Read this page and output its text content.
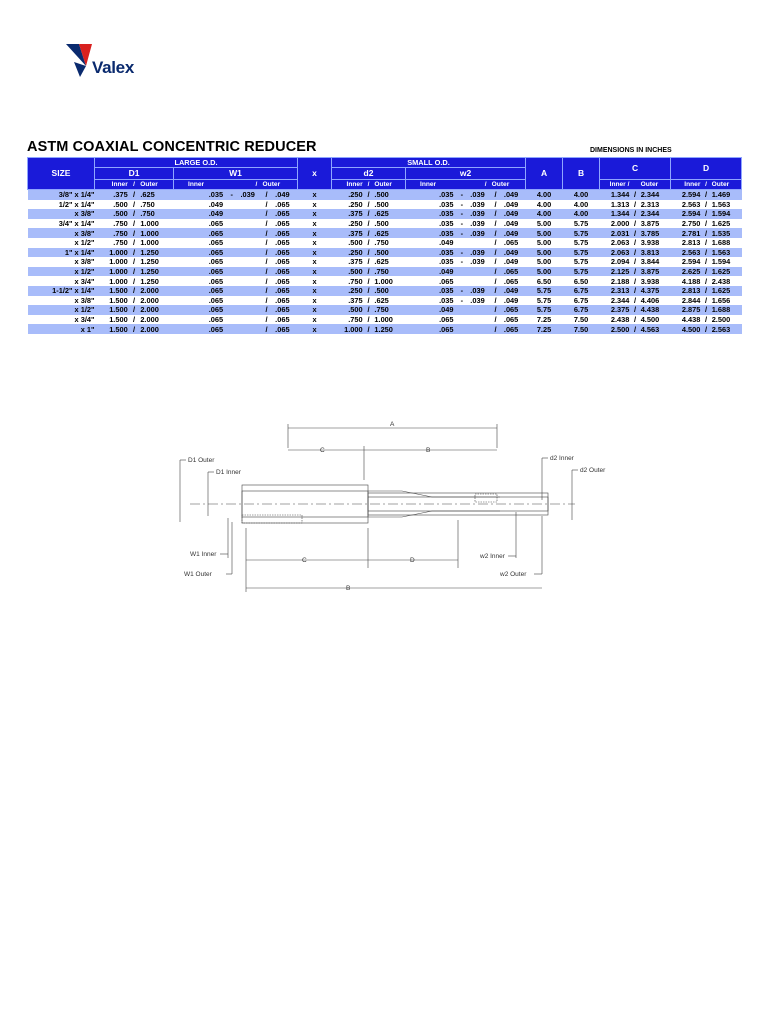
Valex
ASTM COAXIAL CONCENTRIC REDUCER	DIMENSIONS IN INCHES
SIZE	LARGE O.D.		x	SMALL O.D.		A	B	C	D
	D1	W1		d2	w2				

	Inner / Outer	Inner / Outer		Inner / Outer	Inner / Outer			Inner / Outer	Inner / Outer

3/8" x 1/4"	.375 / .625	.035 - .039 / .049	x	.250 / .500	.035 - .039 / .049	4.00	4.00	1.344 / 2.344	2.594 / 1.469

1/2" x 1/4"	.500 / .750	.049 / .065	x	.250 / .500	.035 - .039 / .049	4.00	4.00	1.313 / 2.313	2.563 / 1.563

x 3/8"	.500 / .750	.049 / .065	x	.375 / .625	.035 - .039 / .049	4.00	4.00	1.344 / 2.344	2.594 / 1.594

3/4" x 1/4"	.750 / 1.000	.065 / .065	x	.250 / .500	.035 - .039 / .049	5.00	5.75	2.000 / 3.875	2.750 / 1.625

x 3/8"	.750 / 1.000	.065 / .065	x	.375 / .625	.035 - .039 / .049	5.00	5.75	2.031 / 3.785	2.781 / 1.535

x 1/2"	.750 / 1.000	.065 / .065	x	.500 / .750	.049 / .065	5.00	5.75	2.063 / 3.938	2.813 / 1.688

1" x 1/4"	1.000 / 1.250	.065 / .065	x	.250 / .500	.035 - .039 / .049	5.00	5.75	2.063 / 3.813	2.563 / 1.563

x 3/8"	1.000 / 1.250	.065 / .065	x	.375 / .625	.035 - .039 / .049	5.00	5.75	2.094 / 3.844	2.594 / 1.594

x 1/2"	1.000 / 1.250	.065 / .065	x	.500 / .750	.049 / .065	5.00	5.75	2.125 / 3.875	2.625 / 1.625

x 3/4"	1.000 / 1.250	.065 / .065	x	.750 / 1.000	.065 / .065	6.50	6.50	2.188 / 3.938	4.188 / 2.438

1-1/2" x 1/4"	1.500 / 2.000	.065 / .065	x	.250 / .500	.035 - .039 / .049	5.75	6.75	2.313 / 4.375	2.813 / 1.625

x 3/8"	1.500 / 2.000	.065 / .065	x	.375 / .625	.035 - .039 / .049	5.75	6.75	2.344 / 4.406	2.844 / 1.656

x 1/2"	1.500 / 2.000	.065 / .065	x	.500 / .750	.049 / .065	5.75	6.75	2.375 / 4.438	2.875 / 1.688

x 3/4"	1.500 / 2.000	.065 / .065	x	.750 / 1.000	.065 / .065	7.25	7.50	2.438 / 4.500	4.438 / 2.500

x 1"	1.500 / 2.000	.065 / .065	x	1.000 / 1.250	.065 / .065	7.25	7.50	2.500 / 4.563	4.500 / 2.563
A
C	B
D1 Outer
D1 Inner
d2 Inner
d2 Outer
W1 Inner
W1 Outer
w2 Inner
w2 Outer
C	D
B
